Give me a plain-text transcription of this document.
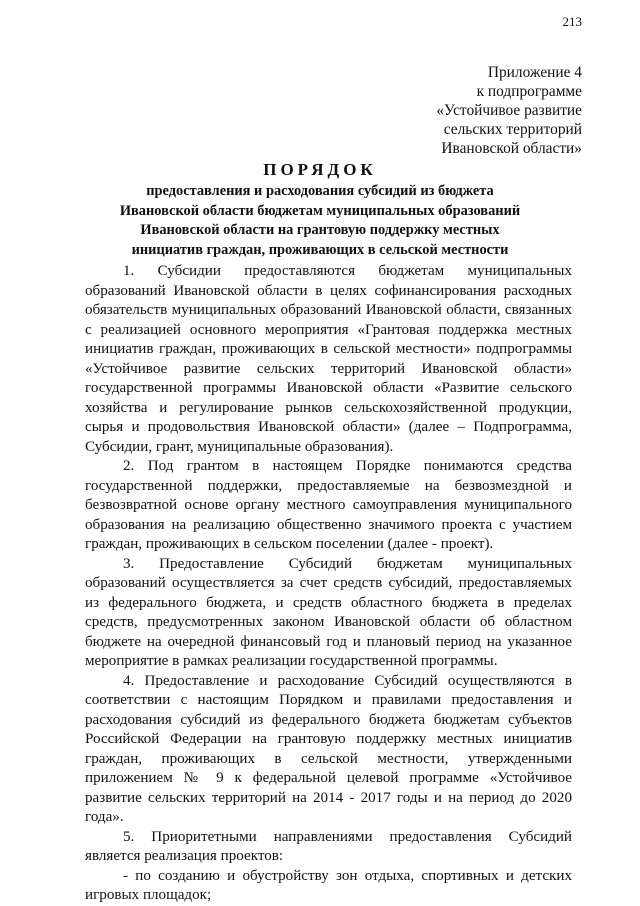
213
Приложение 4
к подпрограмме
«Устойчивое развитие
сельских территорий
Ивановской области»
ПОРЯДОК
предоставления и расходования субсидий из бюджета
Ивановской области бюджетам муниципальных образований
Ивановской области на грантовую поддержку местных
инициатив граждан, проживающих в сельской местности

1. Субсидии предоставляются бюджетам муниципальных образований Ивановской области в целях софинансирования расходных обязательств муниципальных образований Ивановской области, связанных с реализацией основного мероприятия «Грантовая поддержка местных инициатив граждан, проживающих в сельской местности» подпрограммы «Устойчивое развитие сельских территорий Ивановской области» государственной программы Ивановской области «Развитие сельского хозяйства и регулирование рынков сельскохозяйственной продукции, сырья и продовольствия Ивановской области» (далее – Подпрограмма, Субсидии, грант, муниципальные образования).

2. Под грантом в настоящем Порядке понимаются средства государственной поддержки, предоставляемые на безвозмездной и безвозвратной основе органу местного самоуправления муниципального образования на реализацию общественно значимого проекта с участием граждан, проживающих в сельском поселении (далее - проект).

3. Предоставление Субсидий бюджетам муниципальных образований осуществляется за счет средств субсидий, предоставляемых из федерального бюджета, и средств областного бюджета в пределах средств, предусмотренных законом Ивановской области об областном бюджете на очередной финансовый год и плановый период на указанное мероприятие в рамках реализации государственной программы.

4. Предоставление и расходование Субсидий осуществляются в соответствии с настоящим Порядком и правилами предоставления и расходования субсидий из федерального бюджета бюджетам субъектов Российской Федерации на грантовую поддержку местных инициатив граждан, проживающих в сельской местности, утвержденными приложением № 9 к федеральной целевой программе «Устойчивое развитие сельских территорий на 2014 - 2017 годы и на период до 2020 года».

5. Приоритетными направлениями предоставления Субсидий является реализация проектов:

- по созданию и обустройству зон отдыха, спортивных и детских игровых площадок;
